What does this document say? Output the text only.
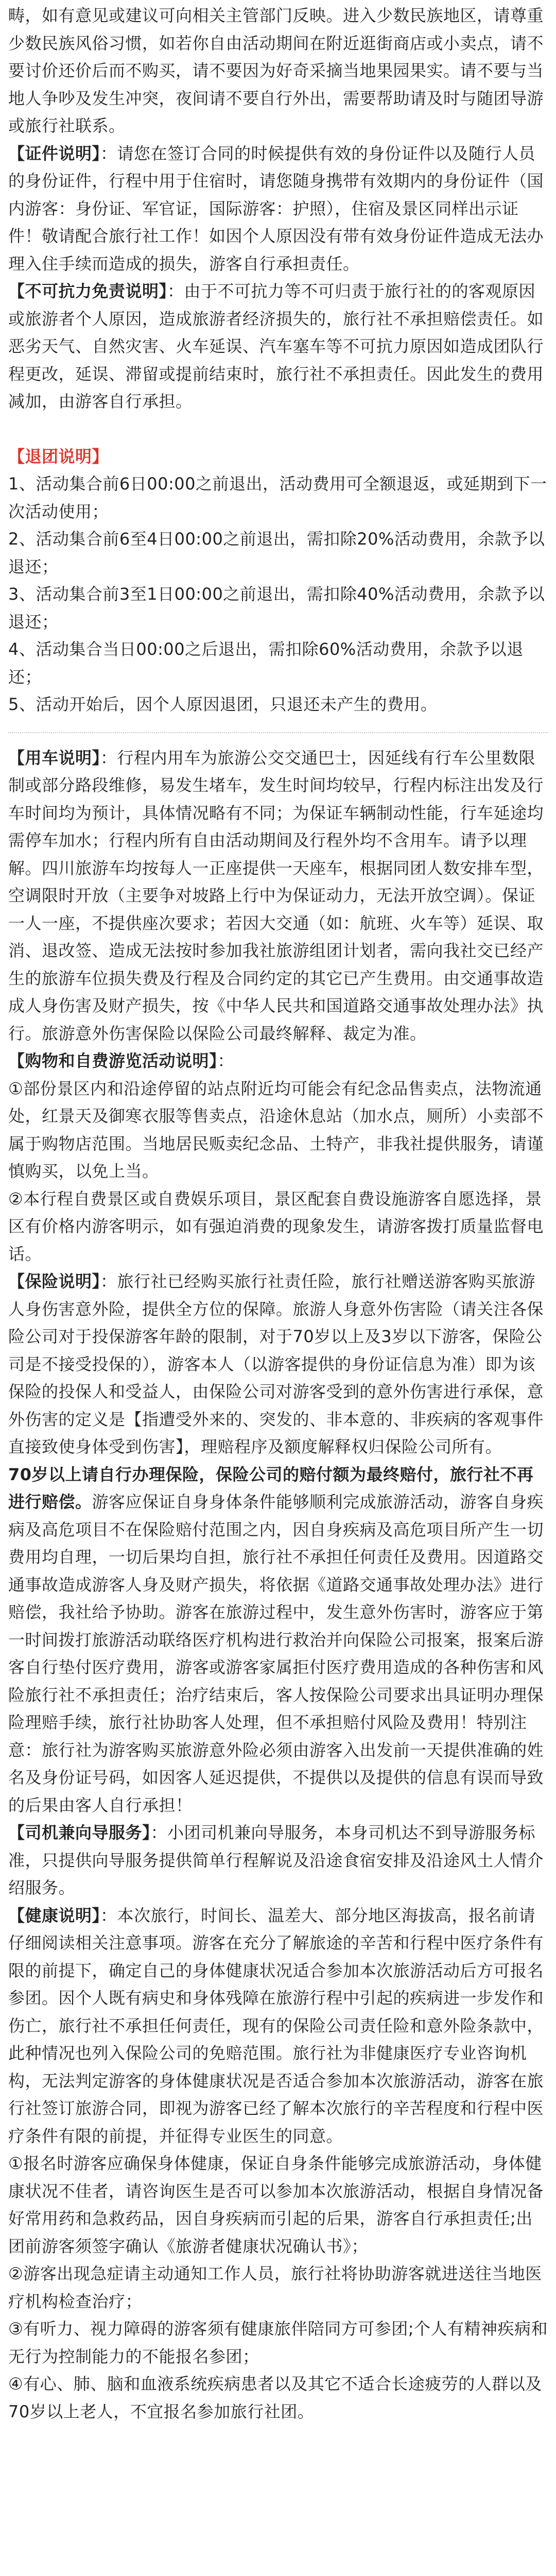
畴，如有意见或建议可向相关主管部门反映。进入少数民族地区，请尊重少数民族风俗习惯，如若你自由活动期间在附近逛街商店或小卖点，请不要讨价还价后而不购买，请不要因为好奇采摘当地果园果实。请不要与当地人争吵及发生冲突，夜间请不要自行外出，需要帮助请及时与随团导游或旅行社联系。

【证件说明】：请您在签订合同的时候提供有效的身份证件以及随行人员的身份证件，行程中用于住宿时，请您随身携带有效期内的身份证件（国内游客：身份证、军官证，国际游客：护照），住宿及景区同样出示证件！敬请配合旅行社工作！如因个人原因没有带有效身份证件造成无法办理入住手续而造成的损失，游客自行承担责任。

【不可抗力免责说明】：由于不可抗力等不可归责于旅行社的的客观原因或旅游者个人原因，造成旅游者经济损失的，旅行社不承担赔偿责任。如恶劣天气、自然灾害、火车延误、汽车塞车等不可抗力原因如造成团队行程更改，延误、滞留或提前结束时，旅行社不承担责任。因此发生的费用减加，由游客自行承担。

【退团说明】

1、活动集合前6日00:00之前退出，活动费用可全额退返，或延期到下一次活动使用；

2、活动集合前6至4日00:00之前退出，需扣除20%活动费用，余款予以退还；

3、活动集合前3至1日00:00之前退出，需扣除40%活动费用，余款予以退还；

4、活动集合当日00:00之后退出，需扣除60%活动费用，余款予以退还；

5、活动开始后，因个人原因退团，只退还未产生的费用。

【用车说明】：行程内用车为旅游公交交通巴士，因延线有行车公里数限制或部分路段维修，易发生堵车，发生时间均较早，行程内标注出发及行车时间均为预计，具体情况略有不同；为保证车辆制动性能，行车延途均需停车加水；行程内所有自由活动期间及行程外均不含用车。请予以理解。四川旅游车均按每人一正座提供一天座车，根据同团人数安排车型，空调限时开放（主要争对坡路上行中为保证动力，无法开放空调）。保证一人一座，不提供座次要求；若因大交通（如：航班、火车等）延误、取消、退改签、造成无法按时参加我社旅游组团计划者，需向我社交已经产生的旅游车位损失费及行程及合同约定的其它已产生费用。由交通事故造成人身伤害及财产损失，按《中华人民共和国道路交通事故处理办法》执行。旅游意外伤害保险以保险公司最终解释、裁定为准。

【购物和自费游览活动说明】：

①部份景区内和沿途停留的站点附近均可能会有纪念品售卖点，法物流通处，红景天及御寒衣服等售卖点，沿途休息站（加水点，厕所）小卖部不属于购物店范围。当地居民贩卖纪念品、土特产，非我社提供服务，请谨慎购买，以免上当。

②本行程自费景区或自费娱乐项目，景区配套自费设施游客自愿选择，景区有价格内游客明示，如有强迫消费的现象发生，请游客拨打质量监督电话。

【保险说明】：旅行社已经购买旅行社责任险，旅行社赠送游客购买旅游人身伤害意外险，提供全方位的保障。旅游人身意外伤害险（请关注各保险公司对于投保游客年龄的限制，对于70岁以上及3岁以下游客，保险公司是不接受投保的），游客本人（以游客提供的身份证信息为准）即为该保险的投保人和受益人，由保险公司对游客受到的意外伤害进行承保，意外伤害的定义是【指遭受外来的、突发的、非本意的、非疾病的客观事件直接致使身体受到伤害】，理赔程序及额度解释权归保险公司所有。

70岁以上请自行办理保险，保险公司的赔付额为最终赔付，旅行社不再进行赔偿。游客应保证自身身体条件能够顺利完成旅游活动，游客自身疾病及高危项目不在保险赔付范围之内，因自身疾病及高危项目所产生一切费用均自理，一切后果均自担，旅行社不承担任何责任及费用。因道路交通事故造成游客人身及财产损失，将依据《道路交通事故处理办法》进行赔偿，我社给予协助。游客在旅游过程中，发生意外伤害时，游客应于第一时间拨打旅游活动联络医疗机构进行救治并向保险公司报案，报案后游客自行垫付医疗费用，游客或游客家属拒付医疗费用造成的各种伤害和风险旅行社不承担责任；治疗结束后，客人按保险公司要求出具证明办理保险理赔手续，旅行社协助客人处理，但不承担赔付风险及费用！特别注意：旅行社为游客购买旅游意外险必须由游客入出发前一天提供准确的姓名及身份证号码，如因客人延迟提供，不提供以及提供的信息有误而导致的后果由客人自行承担！

【司机兼向导服务】：小团司机兼向导服务，本身司机达不到导游服务标准，只提供向导服务提供简单行程解说及沿途食宿安排及沿途风土人情介绍服务。

【健康说明】：本次旅行，时间长、温差大、部分地区海拔高，报名前请仔细阅读相关注意事项。游客在充分了解旅途的辛苦和行程中医疗条件有限的前提下，确定自己的身体健康状况适合参加本次旅游活动后方可报名参团。因个人既有病史和身体残障在旅游行程中引起的疾病进一步发作和伤亡，旅行社不承担任何责任，现有的保险公司责任险和意外险条款中，此种情况也列入保险公司的免赔范围。旅行社为非健康医疗专业咨询机构，无法判定游客的身体健康状况是否适合参加本次旅游活动，游客在旅行社签订旅游合同，即视为游客已经了解本次旅行的辛苦程度和行程中医疗条件有限的前提，并征得专业医生的同意。

①报名时游客应确保身体健康，保证自身条件能够完成旅游活动，身体健康状况不佳者，请咨询医生是否可以参加本次旅游活动，根据自身情况备好常用药和急救药品，因自身疾病而引起的后果，游客自行承担责任;出团前游客须签字确认《旅游者健康状况确认书》；

②游客出现急症请主动通知工作人员，旅行社将协助游客就进送往当地医疗机构检查治疗；

③有听力、视力障碍的游客须有健康旅伴陪同方可参团;个人有精神疾病和无行为控制能力的不能报名参团；

④有心、肺、脑和血液系统疾病患者以及其它不适合长途疲劳的人群以及70岁以上老人，不宜报名参加旅行社团。
